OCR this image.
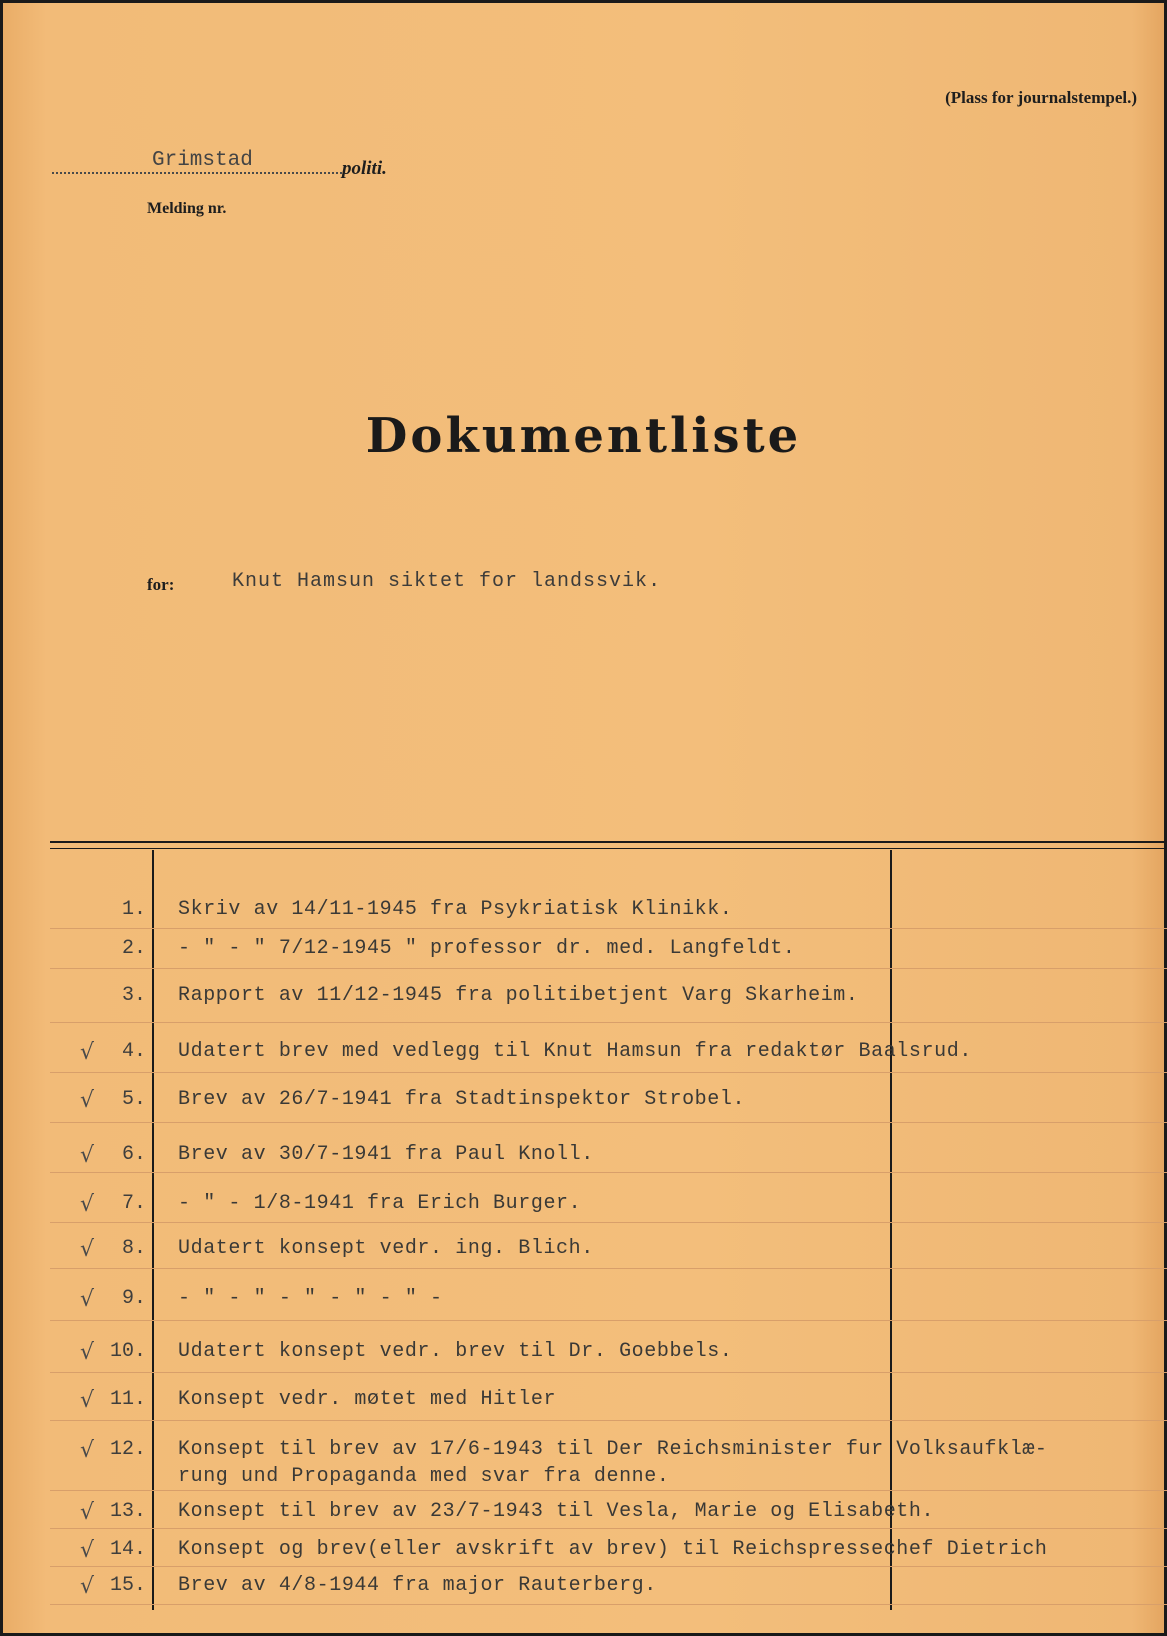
(Plass for journalstempel.)
Grimstad	politi.
Melding nr.
Dokumentliste
for:	Knut Hamsun siktet for landssvik.
1. Skriv av 14/11-1945 fra Psykriatisk Klinikk.
2. - " - " 7/12-1945 " professor dr. med. Langfeldt.
3. Rapport av 11/12-1945 fra politibetjent Varg Skarheim.
√	4. Udatert brev med vedlegg til Knut Hamsun fra redaktør Baalsrud.
√	5. Brev av 26/7-1941 fra Stadtinspektor Strobel.
√	6. Brev av 30/7-1941 fra Paul Knoll.
√	7. - " - 1/8-1941 fra Erich Burger.
√	8. Udatert konsept vedr. ing. Blich.
√	9. - " - " - " - " - " -
√ 10. Udatert konsept vedr. brev til Dr. Goebbels.
√ 11. Konsept vedr. møtet med Hitler
√ 12. Konsept til brev av 17/6-1943 til Der Reichsminister fur Volksaufklæ-
rung und Propaganda med svar fra denne.
√ 13. Konsept til brev av 23/7-1943 til Vesla, Marie og Elisabeth.
√ 14. Konsept og brev(eller avskrift av brev) til Reichspressechef Dietrich
√ 15. Brev av 4/8-1944 fra major Rauterberg.
